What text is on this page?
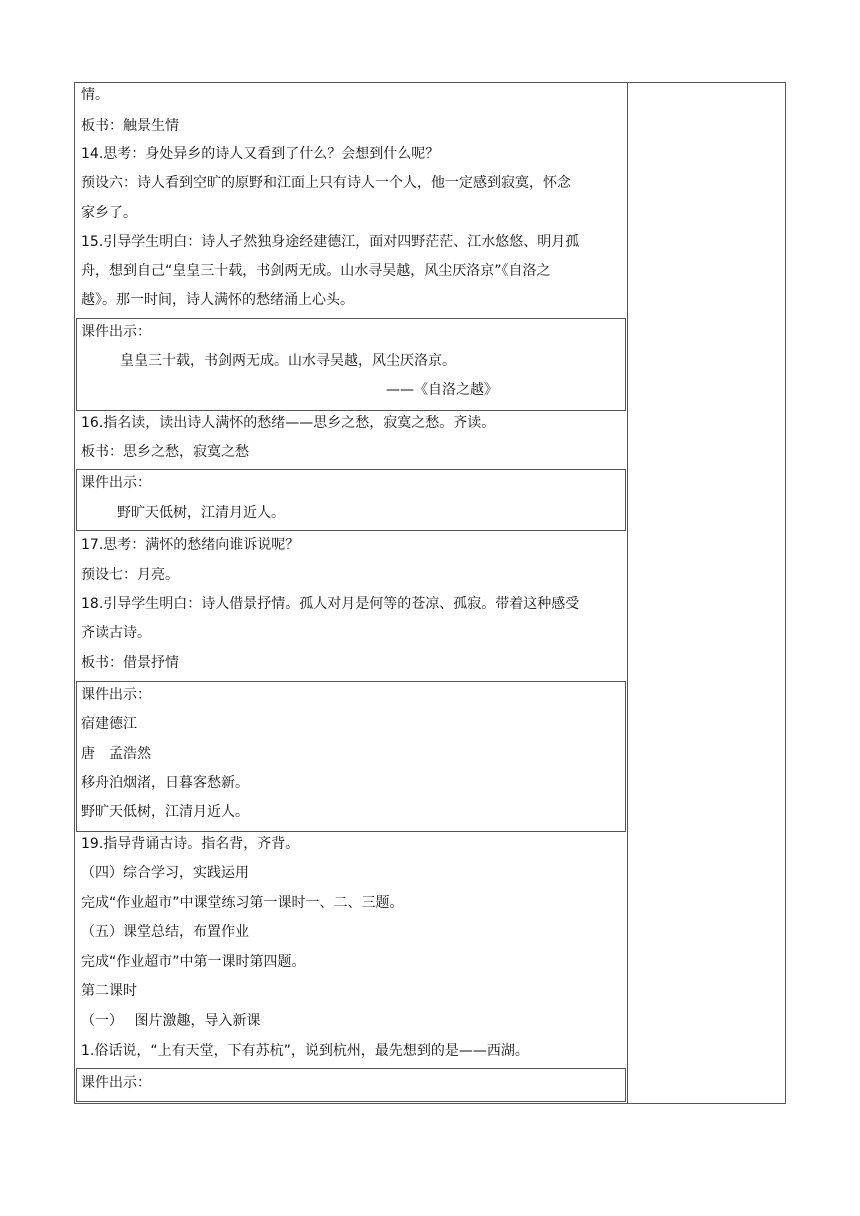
情。
板书：触景生情
14.思考：身处异乡的诗人又看到了什么？会想到什么呢？
预设六：诗人看到空旷的原野和江面上只有诗人一个人，他一定感到寂寞，怀念
家乡了。
15.引导学生明白：诗人孑然独身途经建德江，面对四野茫茫、江水悠悠、明月孤
舟，想到自己“皇皇三十载，书剑两无成。山水寻吴越，风尘厌洛京”《自洛之
越》。那一时间，诗人满怀的愁绪涌上心头。
课件出示：
皇皇三十载，书剑两无成。山水寻吴越，风尘厌洛京。
——《自洛之越》
16.指名读，读出诗人满怀的愁绪——思乡之愁，寂寞之愁。齐读。
板书：思乡之愁，寂寞之愁
课件出示：
野旷天低树，江清月近人。
17.思考：满怀的愁绪向谁诉说呢？
预设七：月亮。
18.引导学生明白：诗人借景抒情。孤人对月是何等的苍凉、孤寂。带着这种感受
齐读古诗。
板书：借景抒情
课件出示：
宿建德江
唐　孟浩然
移舟泊烟渚，日暮客愁新。
野旷天低树，江清月近人。
19.指导背诵古诗。指名背，齐背。
（四）综合学习，实践运用
完成“作业超市”中课堂练习第一课时一、二、三题。
（五）课堂总结，布置作业
完成“作业超市”中第一课时第四题。
第二课时
（一）　 图片激趣，导入新课
1.俗话说，“上有天堂，下有苏杭”，说到杭州，最先想到的是——西湖。
课件出示：
